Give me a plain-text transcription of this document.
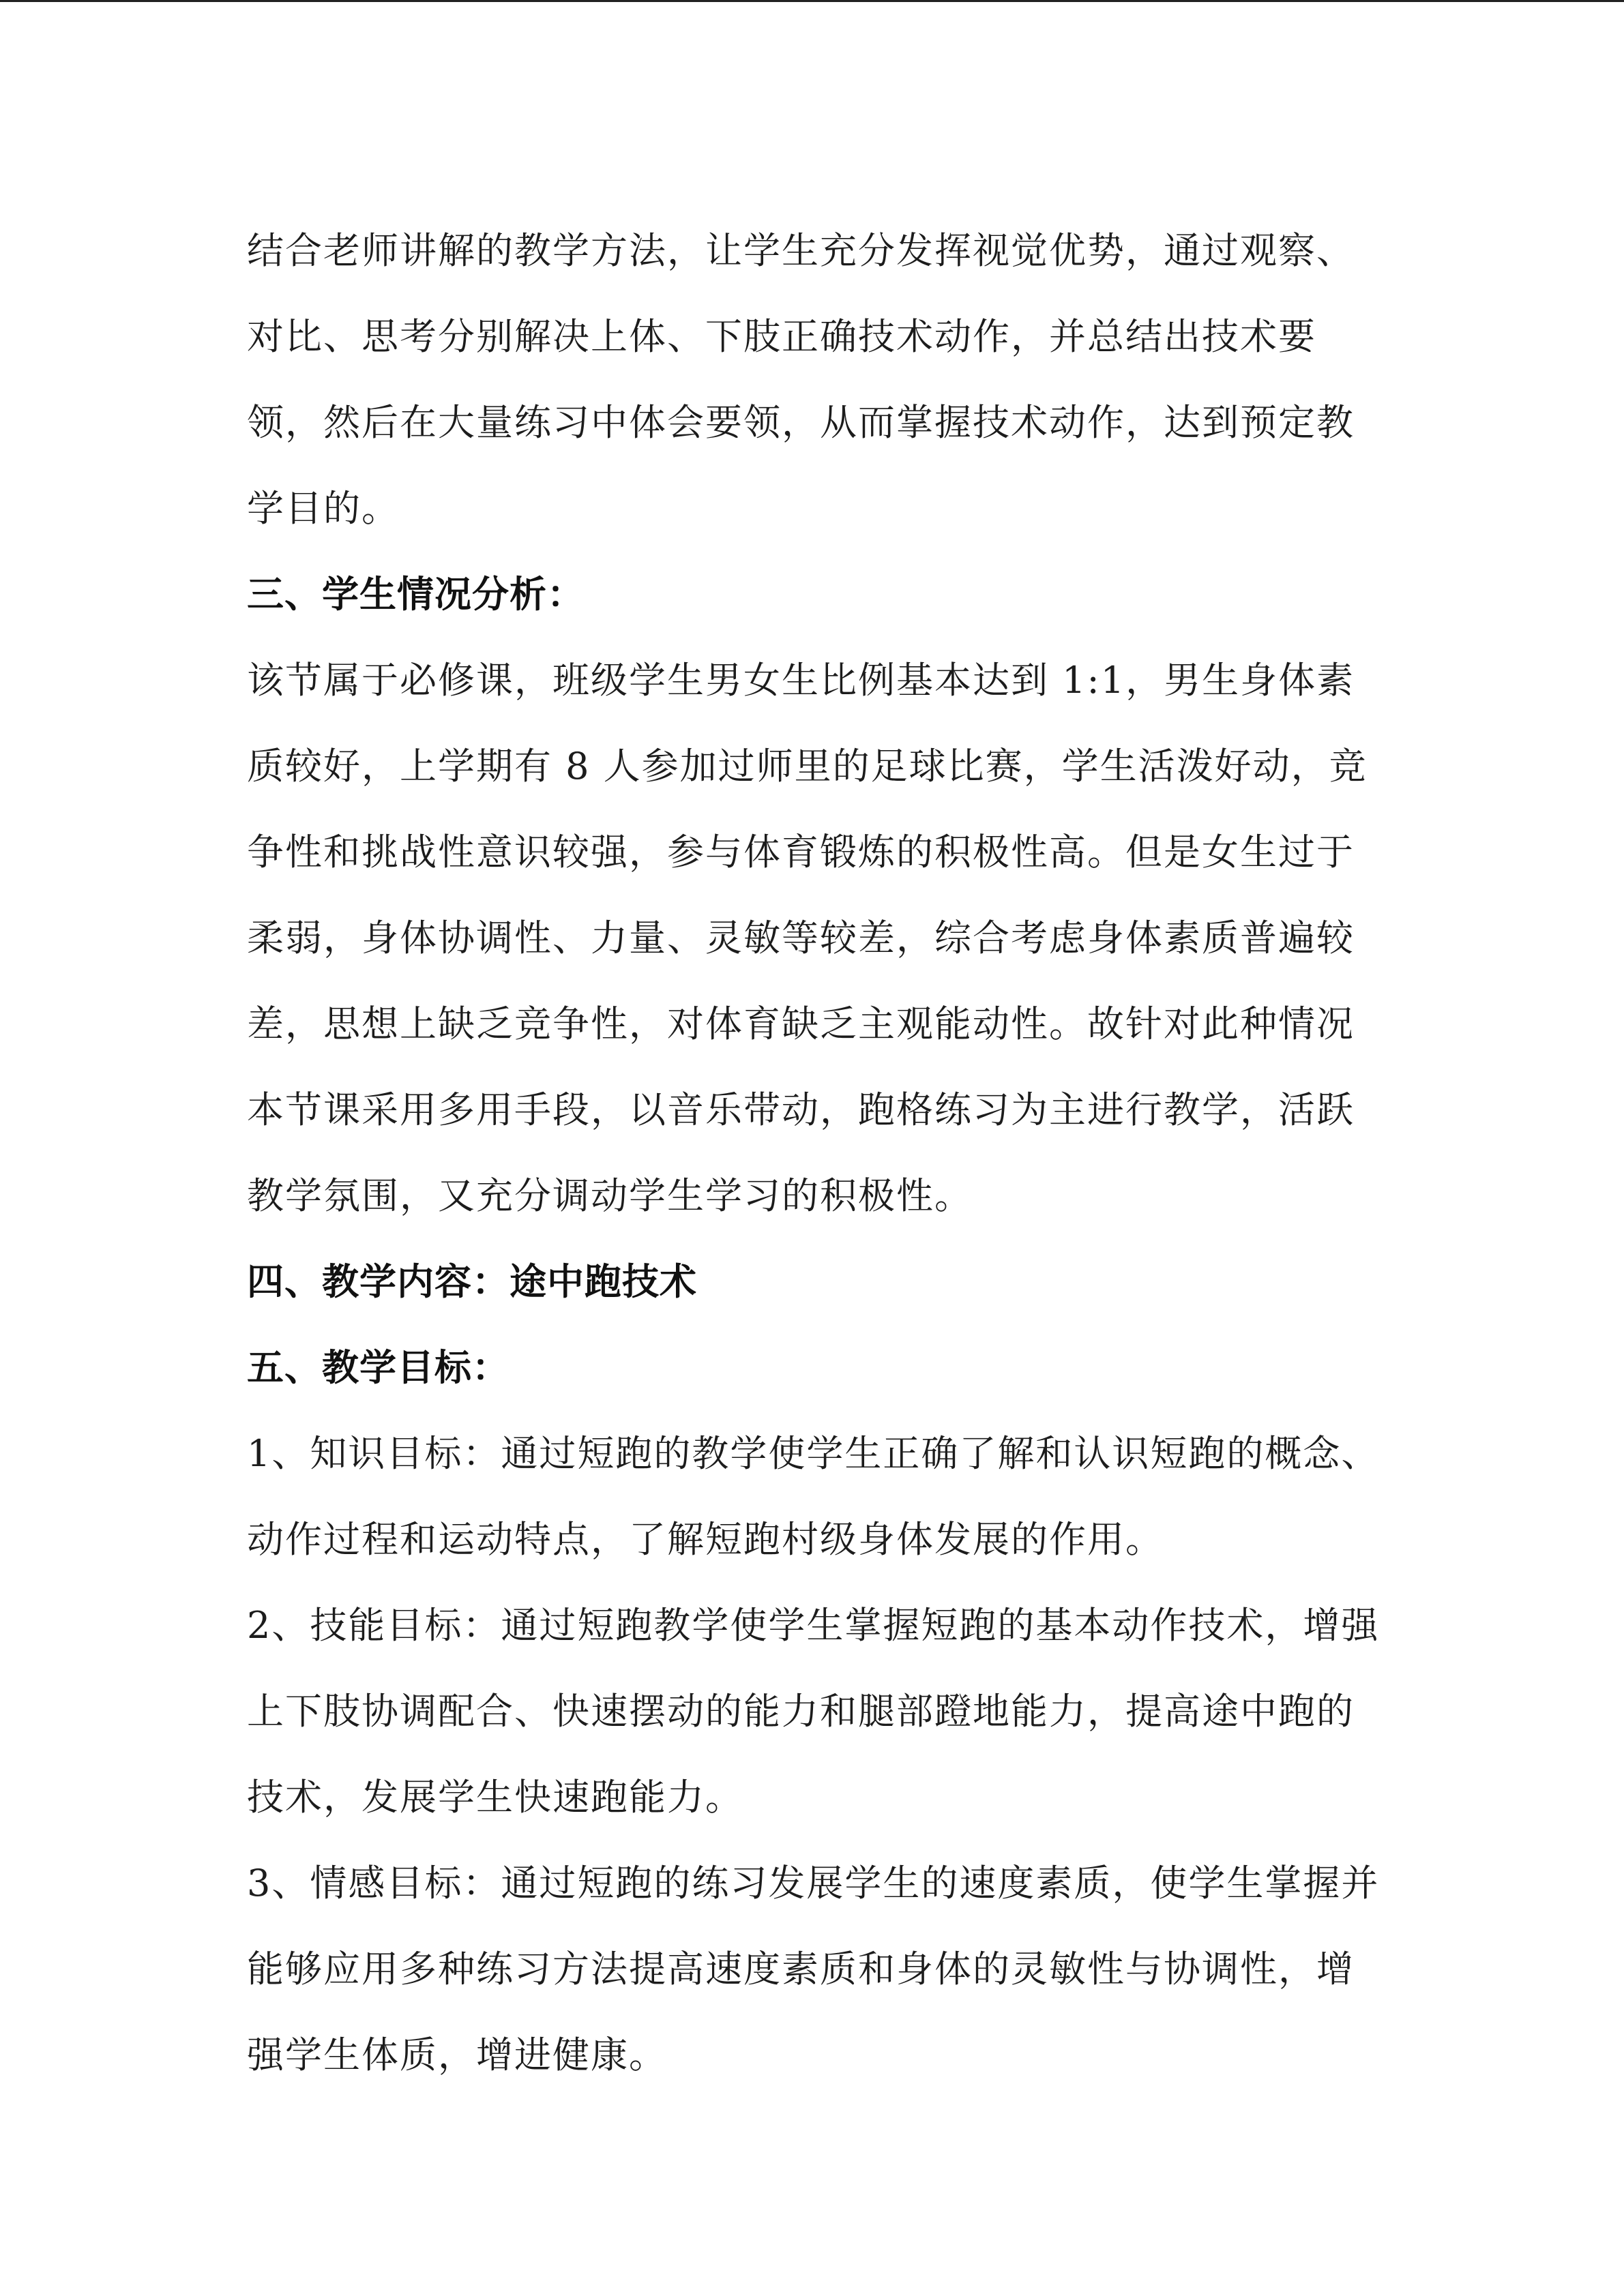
结合老师讲解的教学方法，让学生充分发挥视觉优势，通过观察、
对比、思考分别解决上体、下肢正确技术动作，并总结出技术要
领，然后在大量练习中体会要领，从而掌握技术动作，达到预定教
学目的。
三、学生情况分析：
该节属于必修课，班级学生男女生比例基本达到 1:1，男生身体素
质较好，上学期有 8 人参加过师里的足球比赛，学生活泼好动，竞
争性和挑战性意识较强，参与体育锻炼的积极性高。但是女生过于
柔弱，身体协调性、力量、灵敏等较差，综合考虑身体素质普遍较
差，思想上缺乏竞争性，对体育缺乏主观能动性。故针对此种情况
本节课采用多用手段，以音乐带动，跑格练习为主进行教学，活跃
教学氛围，又充分调动学生学习的积极性。
四、教学内容：途中跑技术
五、教学目标：
1、知识目标：通过短跑的教学使学生正确了解和认识短跑的概念、
动作过程和运动特点，了解短跑村级身体发展的作用。
2、技能目标：通过短跑教学使学生掌握短跑的基本动作技术，增强
上下肢协调配合、快速摆动的能力和腿部蹬地能力，提高途中跑的
技术，发展学生快速跑能力。
3、情感目标：通过短跑的练习发展学生的速度素质，使学生掌握并
能够应用多种练习方法提高速度素质和身体的灵敏性与协调性，增
强学生体质，增进健康。
